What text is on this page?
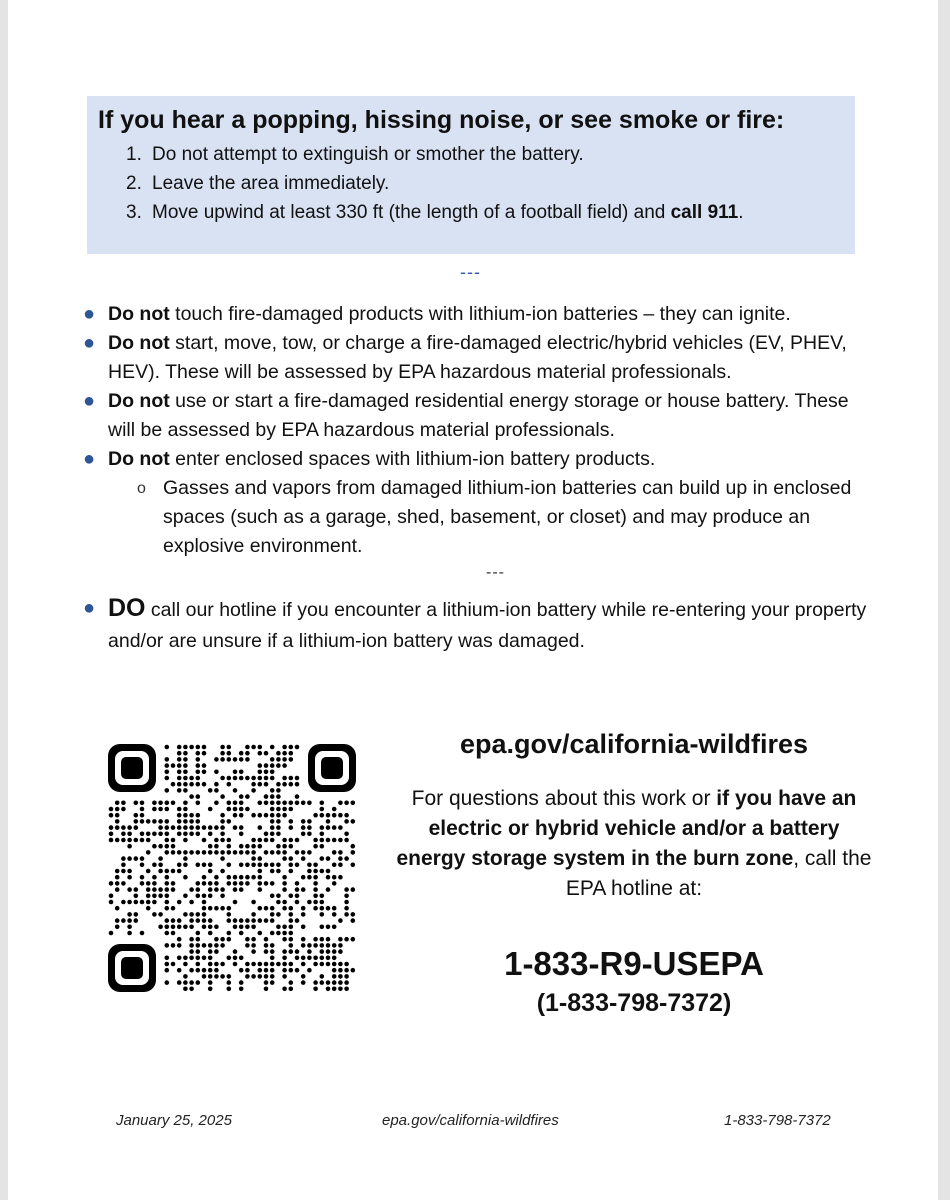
If you hear a popping, hissing noise, or see smoke or fire:
1. Do not attempt to extinguish or smother the battery.
2. Leave the area immediately.
3. Move upwind at least 330 ft (the length of a football field) and call 911.
---
● Do not touch fire-damaged products with lithium-ion batteries – they can ignite.
● Do not start, move, tow, or charge a fire-damaged electric/hybrid vehicles (EV, PHEV, HEV). These will be assessed by EPA hazardous material professionals.
● Do not use or start a fire-damaged residential energy storage or house battery. These will be assessed by EPA hazardous material professionals.
● Do not enter enclosed spaces with lithium-ion battery products.
o Gasses and vapors from damaged lithium-ion batteries can build up in enclosed spaces (such as a garage, shed, basement, or closet) and may produce an explosive environment.
● DO call our hotline if you encounter a lithium-ion battery while re-entering your property and/or are unsure if a lithium-ion battery was damaged.
---
epa.gov/california-wildfires
For questions about this work or if you have an electric or hybrid vehicle and/or a battery energy storage system in the burn zone, call the EPA hotline at:
1-833-R9-USEPA
(1-833-798-7372)
January 25, 2025	epa.gov/california-wildfires	1-833-798-7372
